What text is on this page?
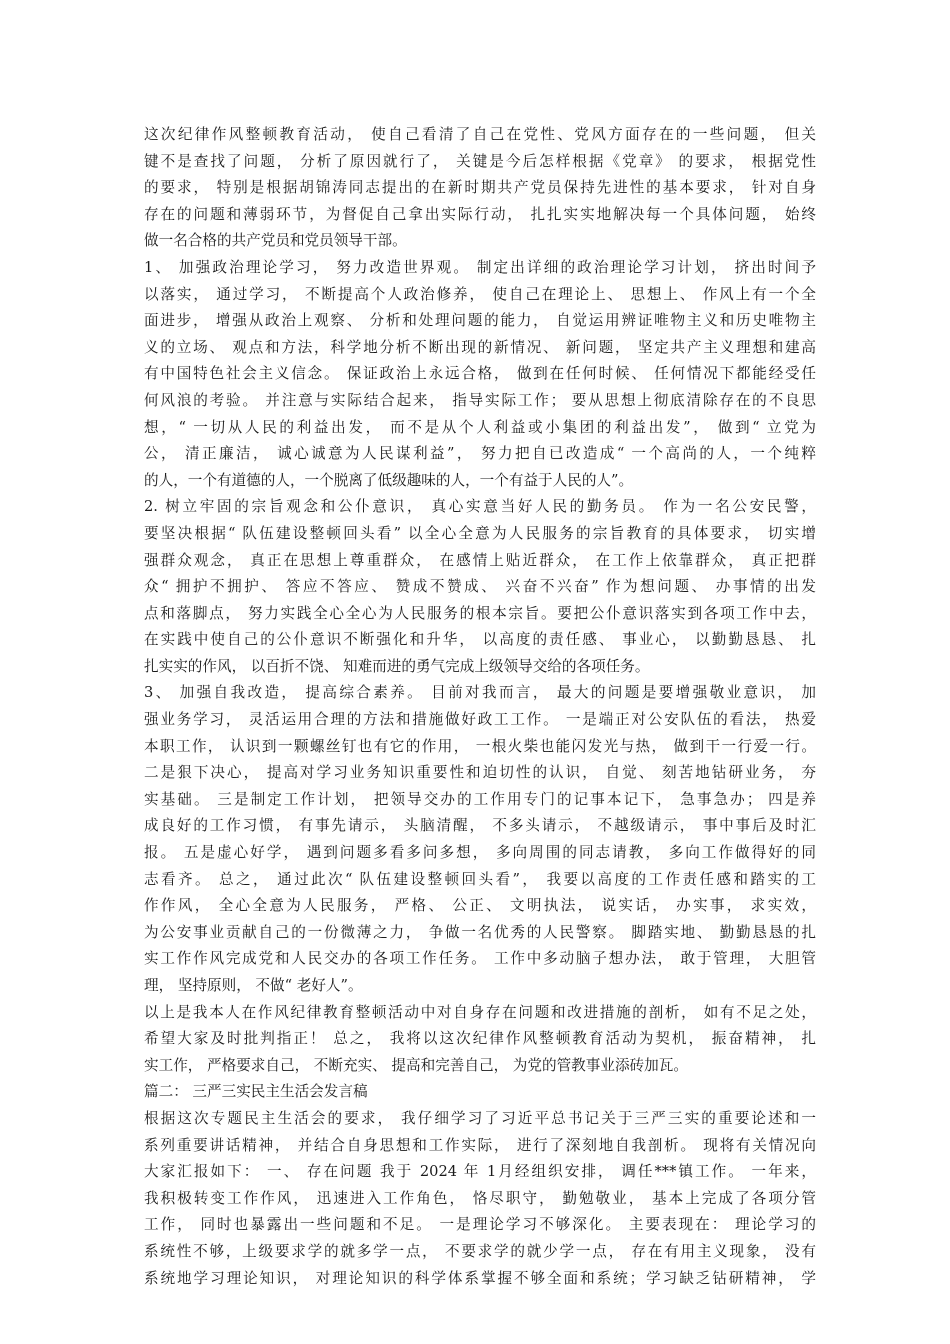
这次纪律作风整顿教育活动， 使自己看清了自己在党性、党风方面存在的一些问题， 但关
键不是查找了问题， 分析了原因就行了， 关键是今后怎样根据《党章》 的要求， 根据党性
的要求， 特别是根据胡锦涛同志提出的在新时期共产党员保持先进性的基本要求， 针对自身
存在的问题和薄弱环节，为督促自己拿出实际行动， 扎扎实实地解决每一个具体问题， 始终
做一名合格的共产党员和党员领导干部。
1、 加强政治理论学习， 努力改造世界观。 制定出详细的政治理论学习计划， 挤出时间予
以落实， 通过学习， 不断提高个人政治修养， 使自己在理论上、 思想上、 作风上有一个全
面进步， 增强从政治上观察、 分析和处理问题的能力， 自觉运用辨证唯物主义和历史唯物主
义的立场、 观点和方法，科学地分析不断出现的新情况、 新问题， 坚定共产主义理想和建高
有中国特色社会主义信念。 保证政治上永远合格， 做到在任何时候、 任何情况下都能经受任
何风浪的考验。 并注意与实际结合起来， 指导实际工作； 要从思想上彻底清除存在的不良思
想，“ 一切从人民的利益出发， 而不是从个人利益或小集团的利益出发”， 做到“ 立党为
公， 清正廉洁， 诚心诚意为人民谋利益”， 努力把自已改造成“ 一个高尚的人，一个纯粹
的人，一个有道德的人，一个脱离了低级趣味的人，一个有益于人民的人”。
2. 树立牢固的宗旨观念和公仆意识， 真心实意当好人民的勤务员。 作为一名公安民警，
要坚决根据“ 队伍建设整顿回头看” 以全心全意为人民服务的宗旨教育的具体要求， 切实增
强群众观念， 真正在思想上尊重群众， 在感情上贴近群众， 在工作上依靠群众， 真正把群
众“ 拥护不拥护、 答应不答应、 赞成不赞成、 兴奋不兴奋” 作为想问题、 办事情的出发
点和落脚点， 努力实践全心全心为人民服务的根本宗旨。要把公仆意识落实到各项工作中去，
在实践中使自己的公仆意识不断强化和升华， 以高度的责任感、 事业心， 以勤勤恳恳、 扎
扎实实的作风， 以百折不饶、 知难而进的勇气完成上级领导交给的各项任务。
3、 加强自我改造， 提高综合素养。 目前对我而言， 最大的问题是要增强敬业意识， 加
强业务学习， 灵活运用合理的方法和措施做好政工工作。 一是端正对公安队伍的看法， 热爱
本职工作， 认识到一颗螺丝钉也有它的作用， 一根火柴也能闪发光与热， 做到干一行爱一行。
二是狠下决心， 提高对学习业务知识重要性和迫切性的认识， 自觉、 刻苦地钻研业务， 夯
实基础。 三是制定工作计划， 把领导交办的工作用专门的记事本记下， 急事急办； 四是养
成良好的工作习惯， 有事先请示， 头脑清醒， 不多头请示， 不越级请示， 事中事后及时汇
报。 五是虚心好学， 遇到问题多看多问多想， 多向周围的同志请教， 多向工作做得好的同
志看齐。 总之， 通过此次“ 队伍建设整顿回头看”， 我要以高度的工作责任感和踏实的工
作作风， 全心全意为人民服务， 严格、 公正、 文明执法， 说实话， 办实事， 求实效，
为公安事业贡献自己的一份微薄之力， 争做一名优秀的人民警察。 脚踏实地、 勤勤恳恳的扎
实工作作风完成党和人民交办的各项工作任务。 工作中多动脑子想办法， 敢于管理， 大胆管
理， 坚持原则， 不做“ 老好人”。
以上是我本人在作风纪律教育整顿活动中对自身存在问题和改进措施的剖析， 如有不足之处，
希望大家及时批判指正！ 总之， 我将以这次纪律作风整顿教育活动为契机， 振奋精神， 扎
实工作， 严格要求自己， 不断充实、 提高和完善自己， 为党的管教事业添砖加瓦。
篇二： 三严三实民主生活会发言稿
根据这次专题民主生活会的要求， 我仔细学习了习近平总书记关于三严三实的重要论述和一
系列重要讲话精神， 并结合自身思想和工作实际， 进行了深刻地自我剖析。 现将有关情况向
大家汇报如下： 一、 存在问题 我于 2024 年 1月经组织安排， 调任***镇工作。 一年来，
我积极转变工作作风， 迅速进入工作角色， 恪尽职守， 勤勉敬业， 基本上完成了各项分管
工作， 同时也暴露出一些问题和不足。 一是理论学习不够深化。 主要表现在： 理论学习的
系统性不够，上级要求学的就多学一点， 不要求学的就少学一点， 存在有用主义现象， 没有
系统地学习理论知识， 对理论知识的科学体系掌握不够全面和系统；学习缺乏钻研精神， 学
